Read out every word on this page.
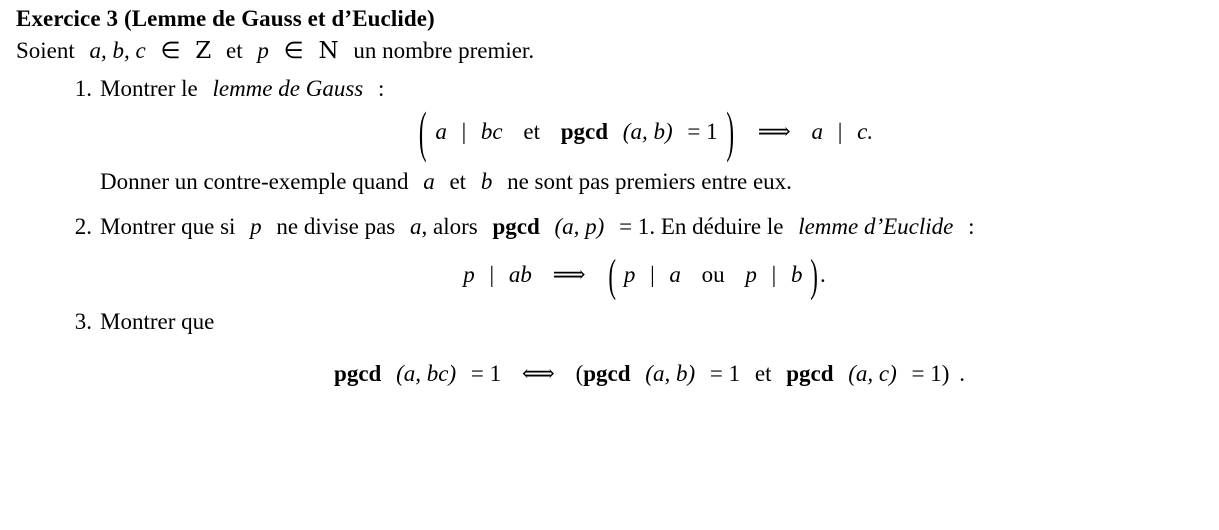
Exercice 3 (Lemme de Gauss et d’Euclide)
Soient a, b, c ∈ Z et p ∈ N un nombre premier.
1. Montrer le lemme de Gauss :
( a | bc et pgcd (a, b) = 1 ) ⟹ a | c.
Donner un contre-exemple quand a et b ne sont pas premiers entre eux.
2. Montrer que si p ne divise pas a, alors pgcd (a, p) = 1. En déduire le lemme d’Euclide :
p | ab ⟹ ( p | a ou p | b ).
3. Montrer que
pgcd (a, bc) = 1 ⟺ (pgcd (a, b) = 1 et pgcd (a, c) = 1) .
